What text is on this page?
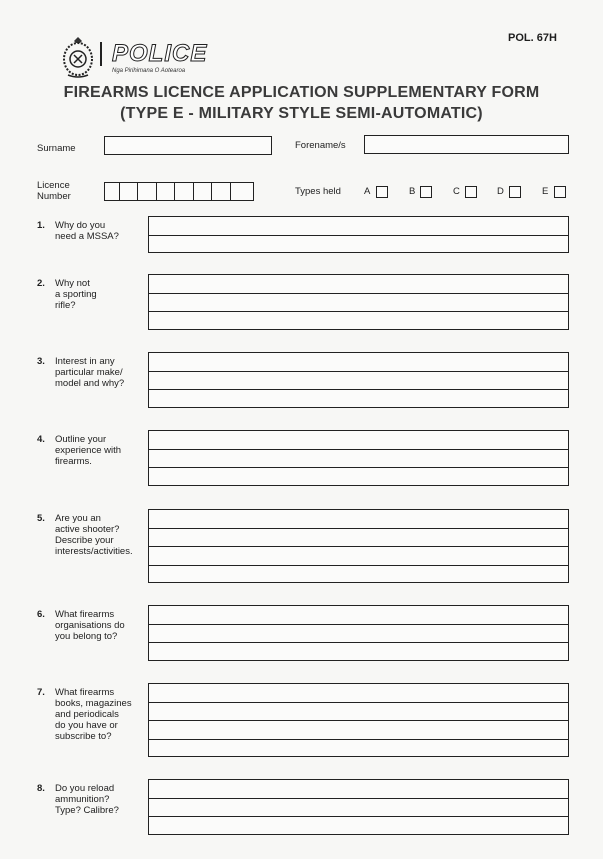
POL. 67H
POLICE
Nga Pirihimana O Aotearoa
FIREARMS LICENCE APPLICATION SUPPLEMENTARY FORM
(TYPE E - MILITARY STYLE SEMI-AUTOMATIC)
Surname	Forename/s
Licence
Number	Types held A	B	C	D	E
1. Why do you
need a MSSA?
2. Why not
a sporting
rifle?
3. Interest in any
particular make/
model and why?
4. Outline your
experience with
firearms.
5. Are you an
active shooter?
Describe your
interests/activities.
6. What firearms
organisations do
you belong to?
7. What firearms
books, magazines
and periodicals
do you have or
subscribe to?
8. Do you reload
ammunition?
Type? Calibre?
